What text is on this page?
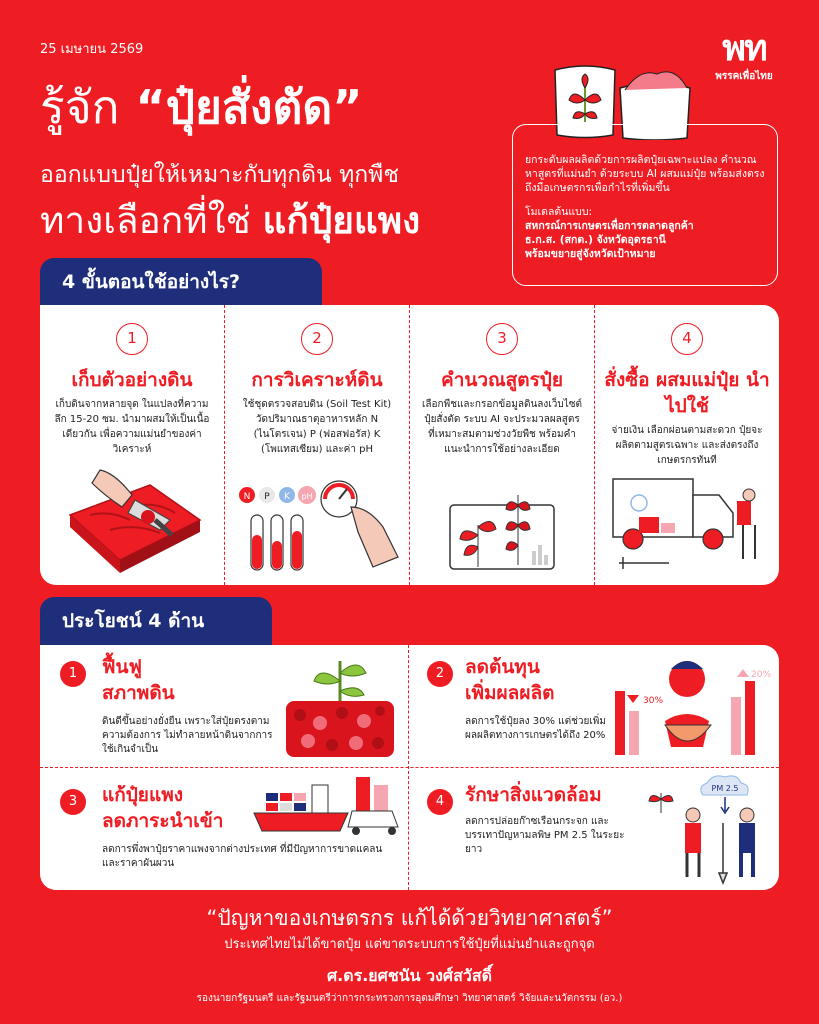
25 เมษายน 2569	พท
พรรคเพื่อไทย
รู้จัก “ปุ๋ยสั่งตัด”
ออกแบบปุ๋ยให้เหมาะกับทุกดิน ทุกพืช
ทางเลือกที่ใช่ แก้ปุ๋ยแพง
ยกระดับผลผลิตด้วยการผลิตปุ๋ยเฉพาะแปลง คำนวณหาสูตรที่แม่นยำ ด้วยระบบ AI ผสมแม่ปุ๋ย พร้อมส่งตรงถึงมือเกษตรกรเพื่อกำไรที่เพิ่มขึ้น
โมเดลต้นแบบ:
สหกรณ์การเกษตรเพื่อการตลาดลูกค้า
ธ.ก.ส. (สกต.) จังหวัดอุดรธานี
พร้อมขยายสู่จังหวัดเป้าหมาย
4 ขั้นตอนใช้อย่างไร?
1
เก็บตัวอย่างดิน
เก็บดินจากหลายจุด ในแปลงที่ความลึก 15-20 ซม. นำมาผสมให้เป็นเนื้อเดียวกัน เพื่อความแม่นยำของค่าวิเคราะห์
2
การวิเคราะห์ดิน
ใช้ชุดตรวจสอบดิน (Soil Test Kit) วัดปริมาณธาตุอาหารหลัก N (ไนโตรเจน) P (ฟอสฟอรัส) K (โพแทสเซียม) และค่า pH
N P K pH
3
คำนวณสูตรปุ๋ย
เลือกพืชและกรอกข้อมูลดินลงเว็บไซต์ปุ๋ยสั่งตัด ระบบ AI จะประมวลผลสูตรที่เหมาะสมตามช่วงวัยพืช พร้อมคำแนะนำการใช้อย่างละเอียด
4
สั่งซื้อ ผสมแม่ปุ๋ย นำไปใช้
จ่ายเงิน เลือกผ่อนตามสะดวก ปุ๋ยจะผลิตตามสูตรเฉพาะ และส่งตรงถึงเกษตรกรทันที
ประโยชน์ 4 ด้าน
1	ฟื้นฟู
สภาพดิน
ดินดีขึ้นอย่างยั่งยืน เพราะใส่ปุ๋ยตรงตามความต้องการ ไม่ทำลายหน้าดินจากการใช้เกินจำเป็น
2	ลดต้นทุน
เพิ่มผลผลิต
ลดการใช้ปุ๋ยลง 30% แต่ช่วยเพิ่มผลผลิตทางการเกษตรได้ถึง 20%
30%
20%
3	แก้ปุ๋ยแพง
ลดภาระนำเข้า
ลดการพึ่งพาปุ๋ยราคาแพงจากต่างประเทศ ที่มีปัญหาการขาดแคลนและราคาผันผวน
4	รักษาสิ่งแวดล้อม
ลดการปล่อยก๊าซเรือนกระจก และบรรเทาปัญหามลพิษ PM 2.5 ในระยะยาว
PM 2.5
“ปัญหาของเกษตรกร แก้ได้ด้วยวิทยาศาสตร์”
ประเทศไทยไม่ได้ขาดปุ๋ย แต่ขาดระบบการใช้ปุ๋ยที่แม่นยำและถูกจุด
ศ.ดร.ยศชนัน วงศ์สวัสดิ์
รองนายกรัฐมนตรี และรัฐมนตรีว่าการกระทรวงการอุดมศึกษา วิทยาศาสตร์ วิจัยและนวัตกรรม (อว.)
